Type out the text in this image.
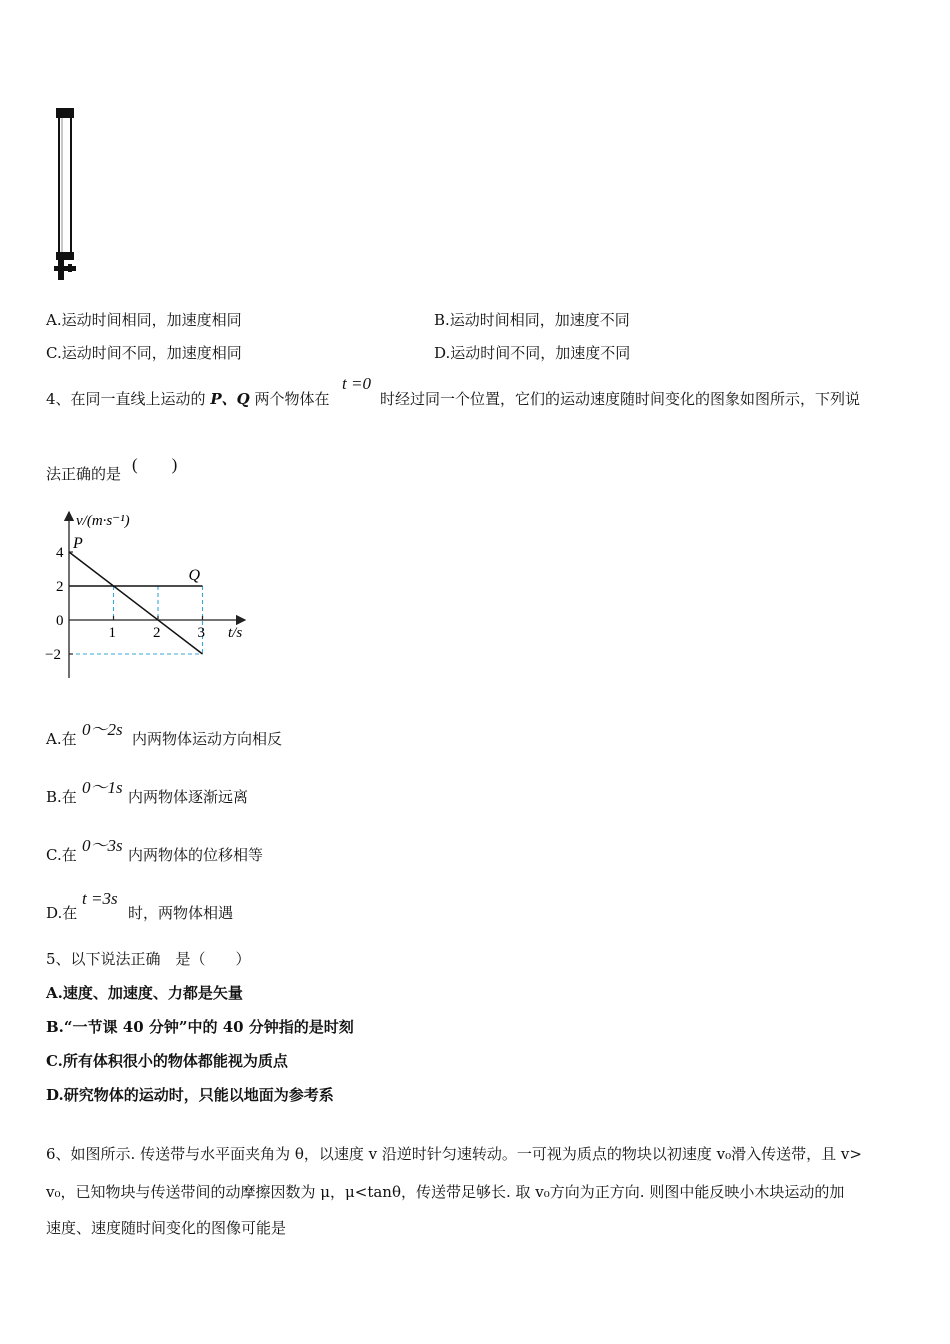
A.运动时间相同，加速度相同	B.运动时间相同，加速度不同
C.运动时间不同，加速度相同	D.运动时间不同，加速度不同
4、在同一直线上运动的 P、Q 两个物体在
t =0
时经过同一个位置，它们的运动速度随时间变化的图象如图所示，下列说
法正确的是 (　　)
P
Q
1 2 3
4
2
0
−2
v/(m·s⁻¹)
t/s
A.在 0～2s 内两物体运动方向相反
B.在 0～1s 内两物体逐渐远离
C.在 0～3s 内两物体的位移相等
D.在
t =3s
时，两物体相遇
5、以下说法正确　是（　　）
A.速度、加速度、力都是矢量
B.“一节课 40 分钟”中的 40 分钟指的是时刻
C.所有体积很小的物体都能视为质点
D.研究物体的运动时，只能以地面为参考系
6、如图所示. 传送带与水平面夹角为 θ，以速度 v 沿逆时针匀速转动。一可视为质点的物块以初速度 v₀滑入传送带，且 v>
v₀，已知物块与传送带间的动摩擦因数为 μ，μ<tanθ，传送带足够长. 取 v₀方向为正方向. 则图中能反映小木块运动的加
速度、速度随时间变化的图像可能是
